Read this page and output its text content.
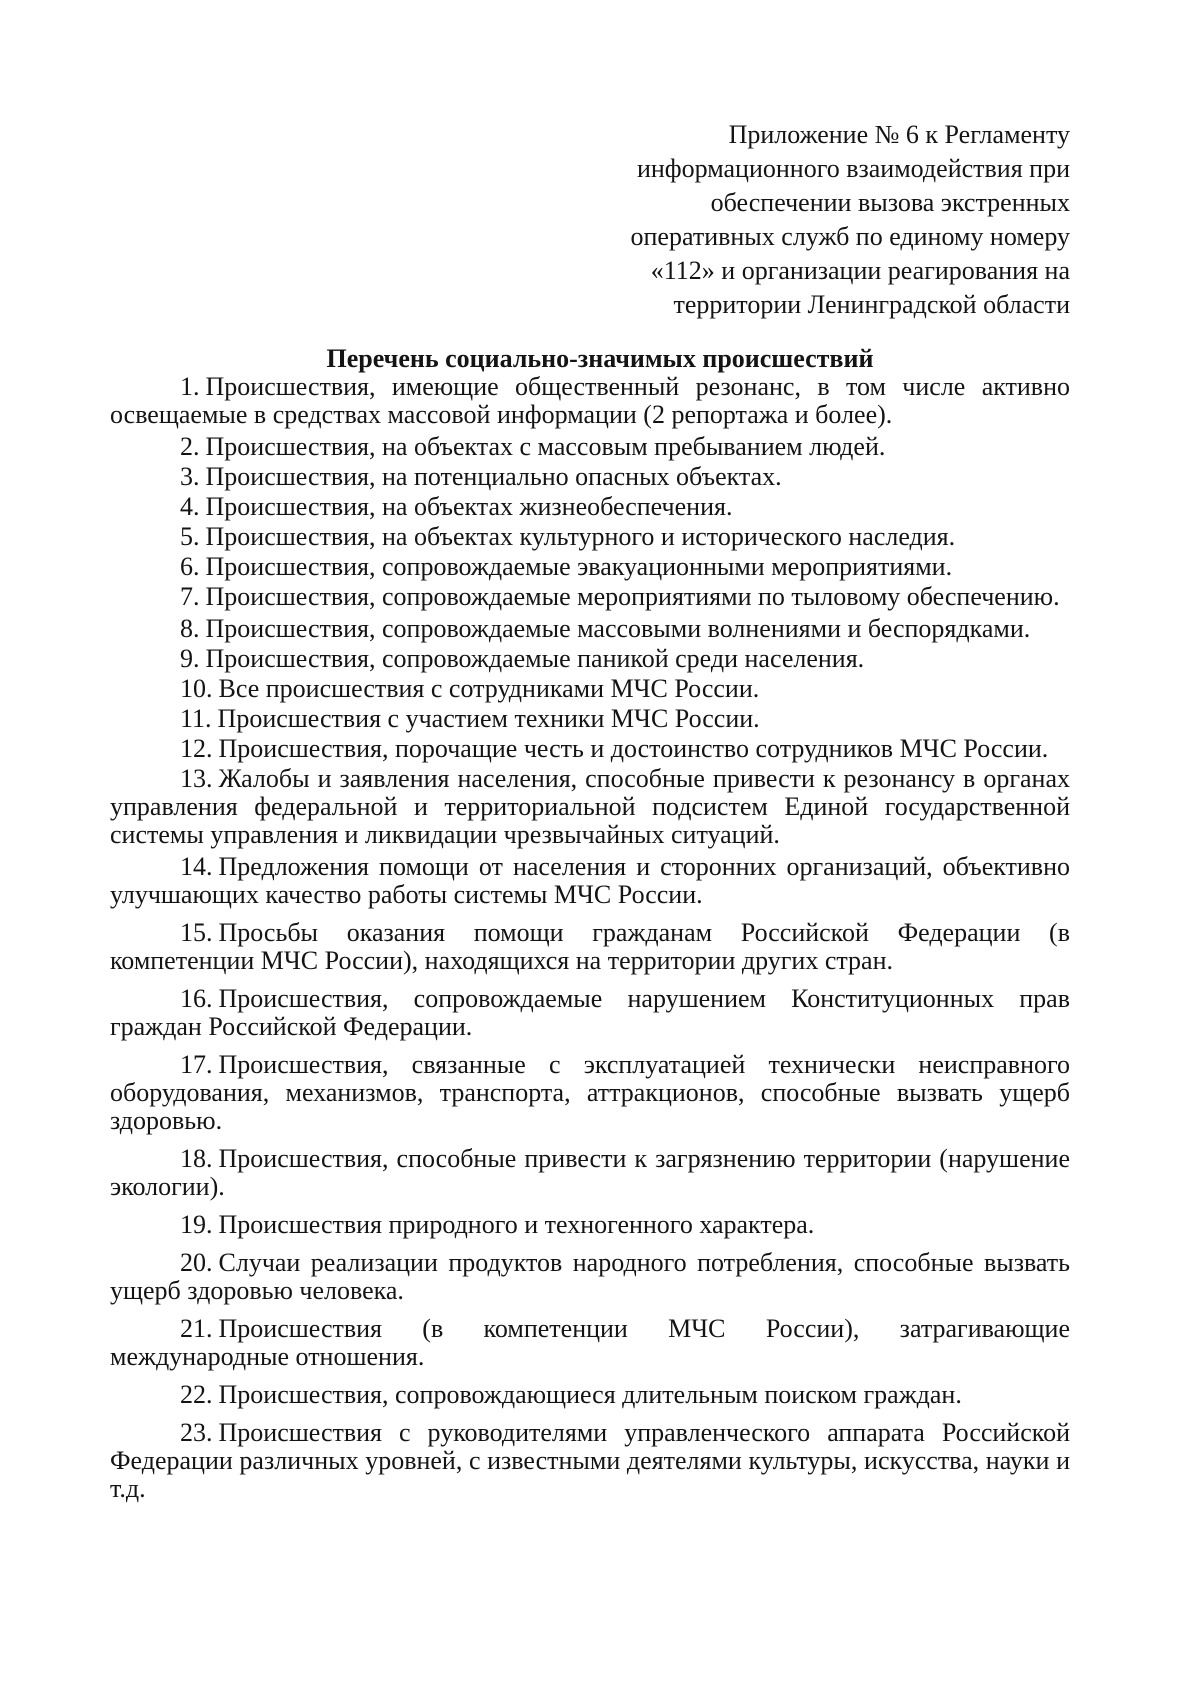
Приложение № 6 к Регламенту
информационного взаимодействия при
обеспечении вызова экстренных
оперативных служб по единому номеру
«112» и организации реагирования на
территории Ленинградской области
Перечень социально-значимых происшествий

1. Происшествия, имеющие общественный резонанс, в том числе активно освещаемые в средствах массовой информации (2 репортажа и более).

2. Происшествия, на объектах с массовым пребыванием людей.

3. Происшествия, на потенциально опасных объектах.

4. Происшествия, на объектах жизнеобеспечения.

5. Происшествия, на объектах культурного и исторического наследия.

6. Происшествия, сопровождаемые эвакуационными мероприятиями.

7. Происшествия, сопровождаемые мероприятиями по тыловому обеспечению.

8. Происшествия, сопровождаемые массовыми волнениями и беспорядками.

9. Происшествия, сопровождаемые паникой среди населения.

10. Все происшествия с сотрудниками МЧС России.

11. Происшествия с участием техники МЧС России.

12. Происшествия, порочащие честь и достоинство сотрудников МЧС России.

13. Жалобы и заявления населения, способные привести к резонансу в органах управления федеральной и территориальной подсистем Единой государственной системы управления и ликвидации чрезвычайных ситуаций.

14. Предложения помощи от населения и сторонних организаций, объективно улучшающих качество работы системы МЧС России.

15. Просьбы оказания помощи гражданам Российской Федерации (в компетенции МЧС России), находящихся на территории других стран.

16. Происшествия, сопровождаемые нарушением Конституционных прав граждан Российской Федерации.

17. Происшествия, связанные с эксплуатацией технически неисправного оборудования, механизмов, транспорта, аттракционов, способные вызвать ущерб здоровью.

18. Происшествия, способные привести к загрязнению территории (нарушение экологии).

19. Происшествия природного и техногенного характера.

20. Случаи реализации продуктов народного потребления, способные вызвать ущерб здоровью человека.

21. Происшествия (в компетенции МЧС России), затрагивающие международные отношения.

22. Происшествия, сопровождающиеся длительным поиском граждан.

23. Происшествия с руководителями управленческого аппарата Российской Федерации различных уровней, с известными деятелями культуры, искусства, науки и т.д.
